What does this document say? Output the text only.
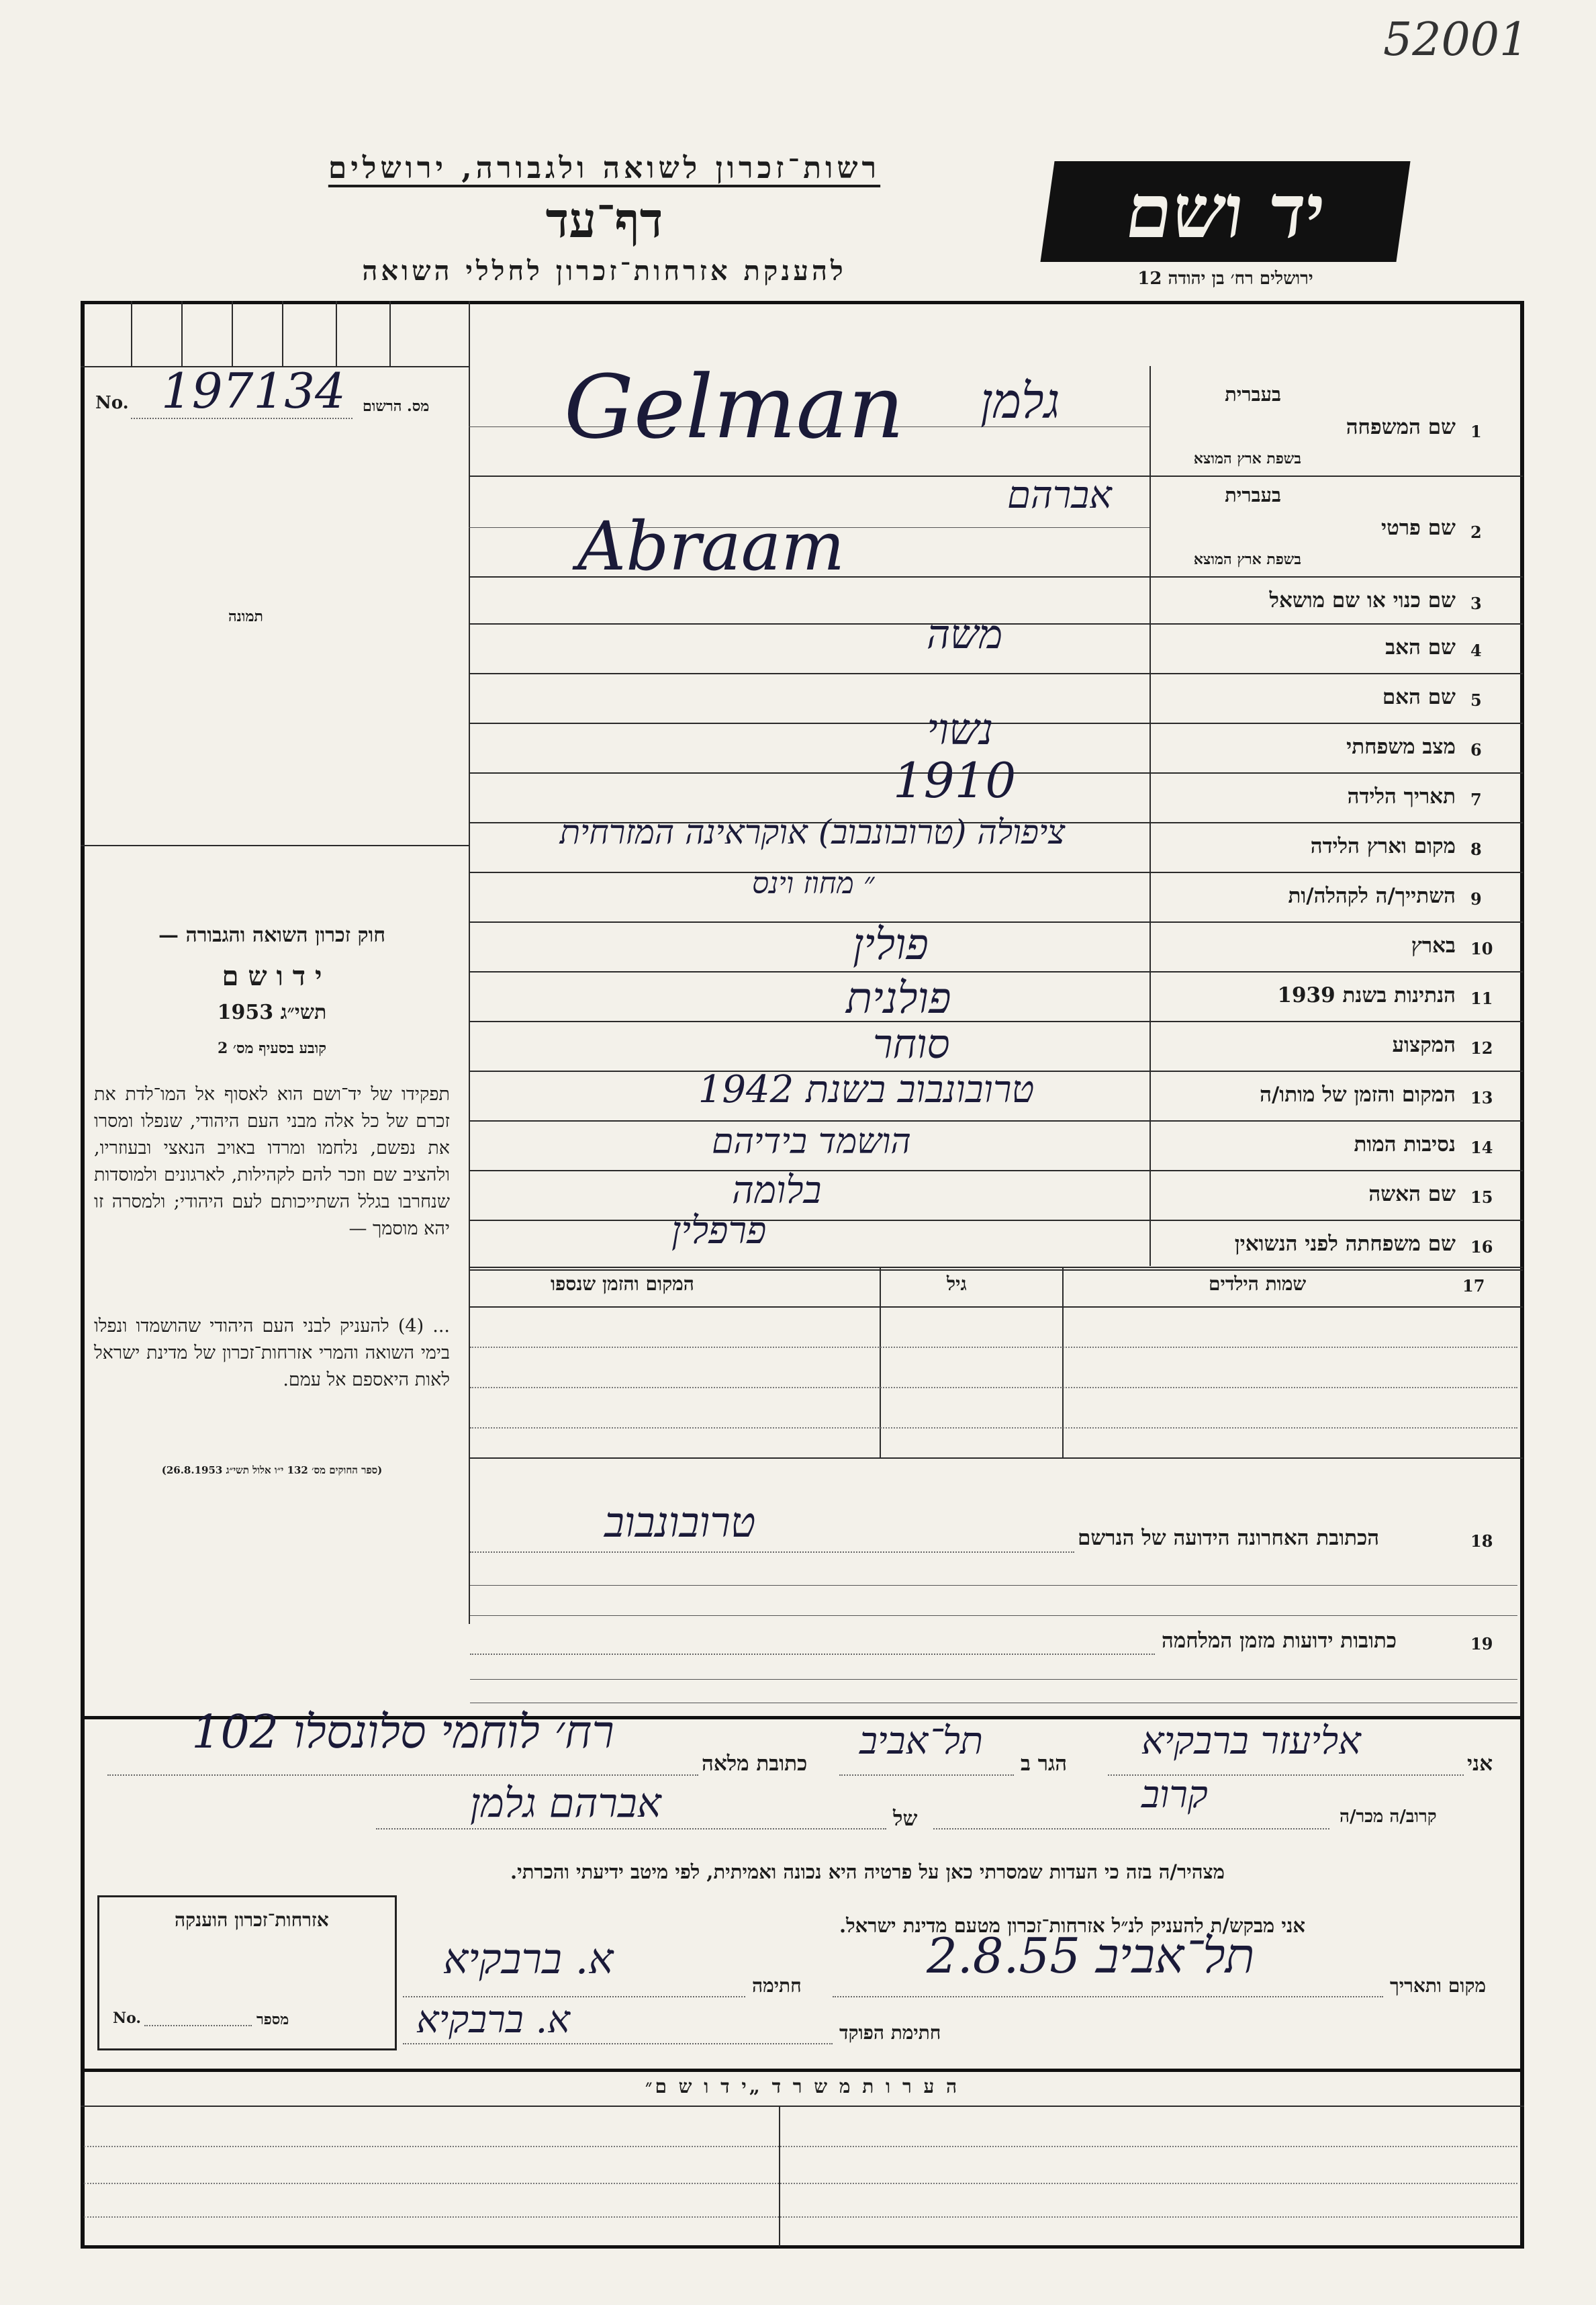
52001
רשות־זכרון לשואה ולגבורה, ירושלים
דף־עד
להענקת אזרחות־זכרון לחללי השואה
יד ושם
ירושלים רח׳ בן יהודה 12
No. 197134 מס. הרשום
תמונה
חוק זכרון השואה והגבורה —
י ד ו ש ם
תשי״ג 1953
קובע בסעיף מס׳ 2
תפקידו של יד־ושם הוא לאסוף אל המו־לדת את זכרם של כל אלה מבני העם היהודי, שנפלו ומסרו את נפשם, נלחמו ומרדו באויב הנאצי ובעוזריו, ולהציב שם וזכר להם לקהילות, לארגונים ולמוסדות שנחרבו בגלל השתייכותם לעם היהודי; ולמסרה זו יהא מוסמך —
... (4) להעניק לבני העם היהודי שהושמדו ונפלו בימי השואה והמרי אזרחות־זכרון של מדינת ישראל לאות היאספם אל עמם.
(ספר החוקים מס׳ 132 י״ו אלול תשי״ג 26.8.1953)
1
שם המשפחה
בעברית
בשפת ארץ המוצא
2
שם פרטי
בעברית
בשפת ארץ המוצא
3
שם כנוי או שם מושאל
4
שם האב
5
שם האם
6
מצב משפחתי
7
תאריך הלידה
8
מקום וארץ הלידה
9
השתייך/ה לקהלה/ות
10
בארץ
11
הנתינות בשנת 1939
12
המקצוע
13
המקום והזמן של מותו/ה
14
נסיבות המות
15
שם האשה
16
שם משפחתה לפני הנשואין
Gelman גלמן
אברהם
Abraam
משה
נשוי
1910
ציפולה (טרובונבוב) אוקראינה המזרחית
״ מחוז וינס
פולין
פולנית
סוחר
טרובונבוב בשנת 1942
הושמד בידיהם
בלומה
פרפלין
17
שמות הילדים
גיל
המקום והזמן שנספו
18
הכתובת האחרונה הידועה של הנרשם
טרובונבוב
19
כתובות ידועות מזמן המלחמה
אני
אליעזר ברבקיא
הגר ב
תל־אביב
כתובת מלאה
רח׳ לוחמי סלונסלו 102
קרוב/ה מכר/ה
קרוב
של
אברהם גלמן
מצהיר/ה בזה כי העדות שמסרתי כאן על פרטיה היא נכונה ואמיתית, לפי מיטב ידיעתי והכרתי.
אני מבקש/ת להעניק לנ״ל אזרחות־זכרון מטעם מדינת ישראל.
אזרחות־זכרון הוענקה
No.	מספר
מקום ותאריך
תל־אביב 2.8.55
חתימה
א. ברבקיא
חתימת הפוקד
א. ברבקיא
ה ע ר ו ת מ ש ר ד „י ד ו ש ם״
